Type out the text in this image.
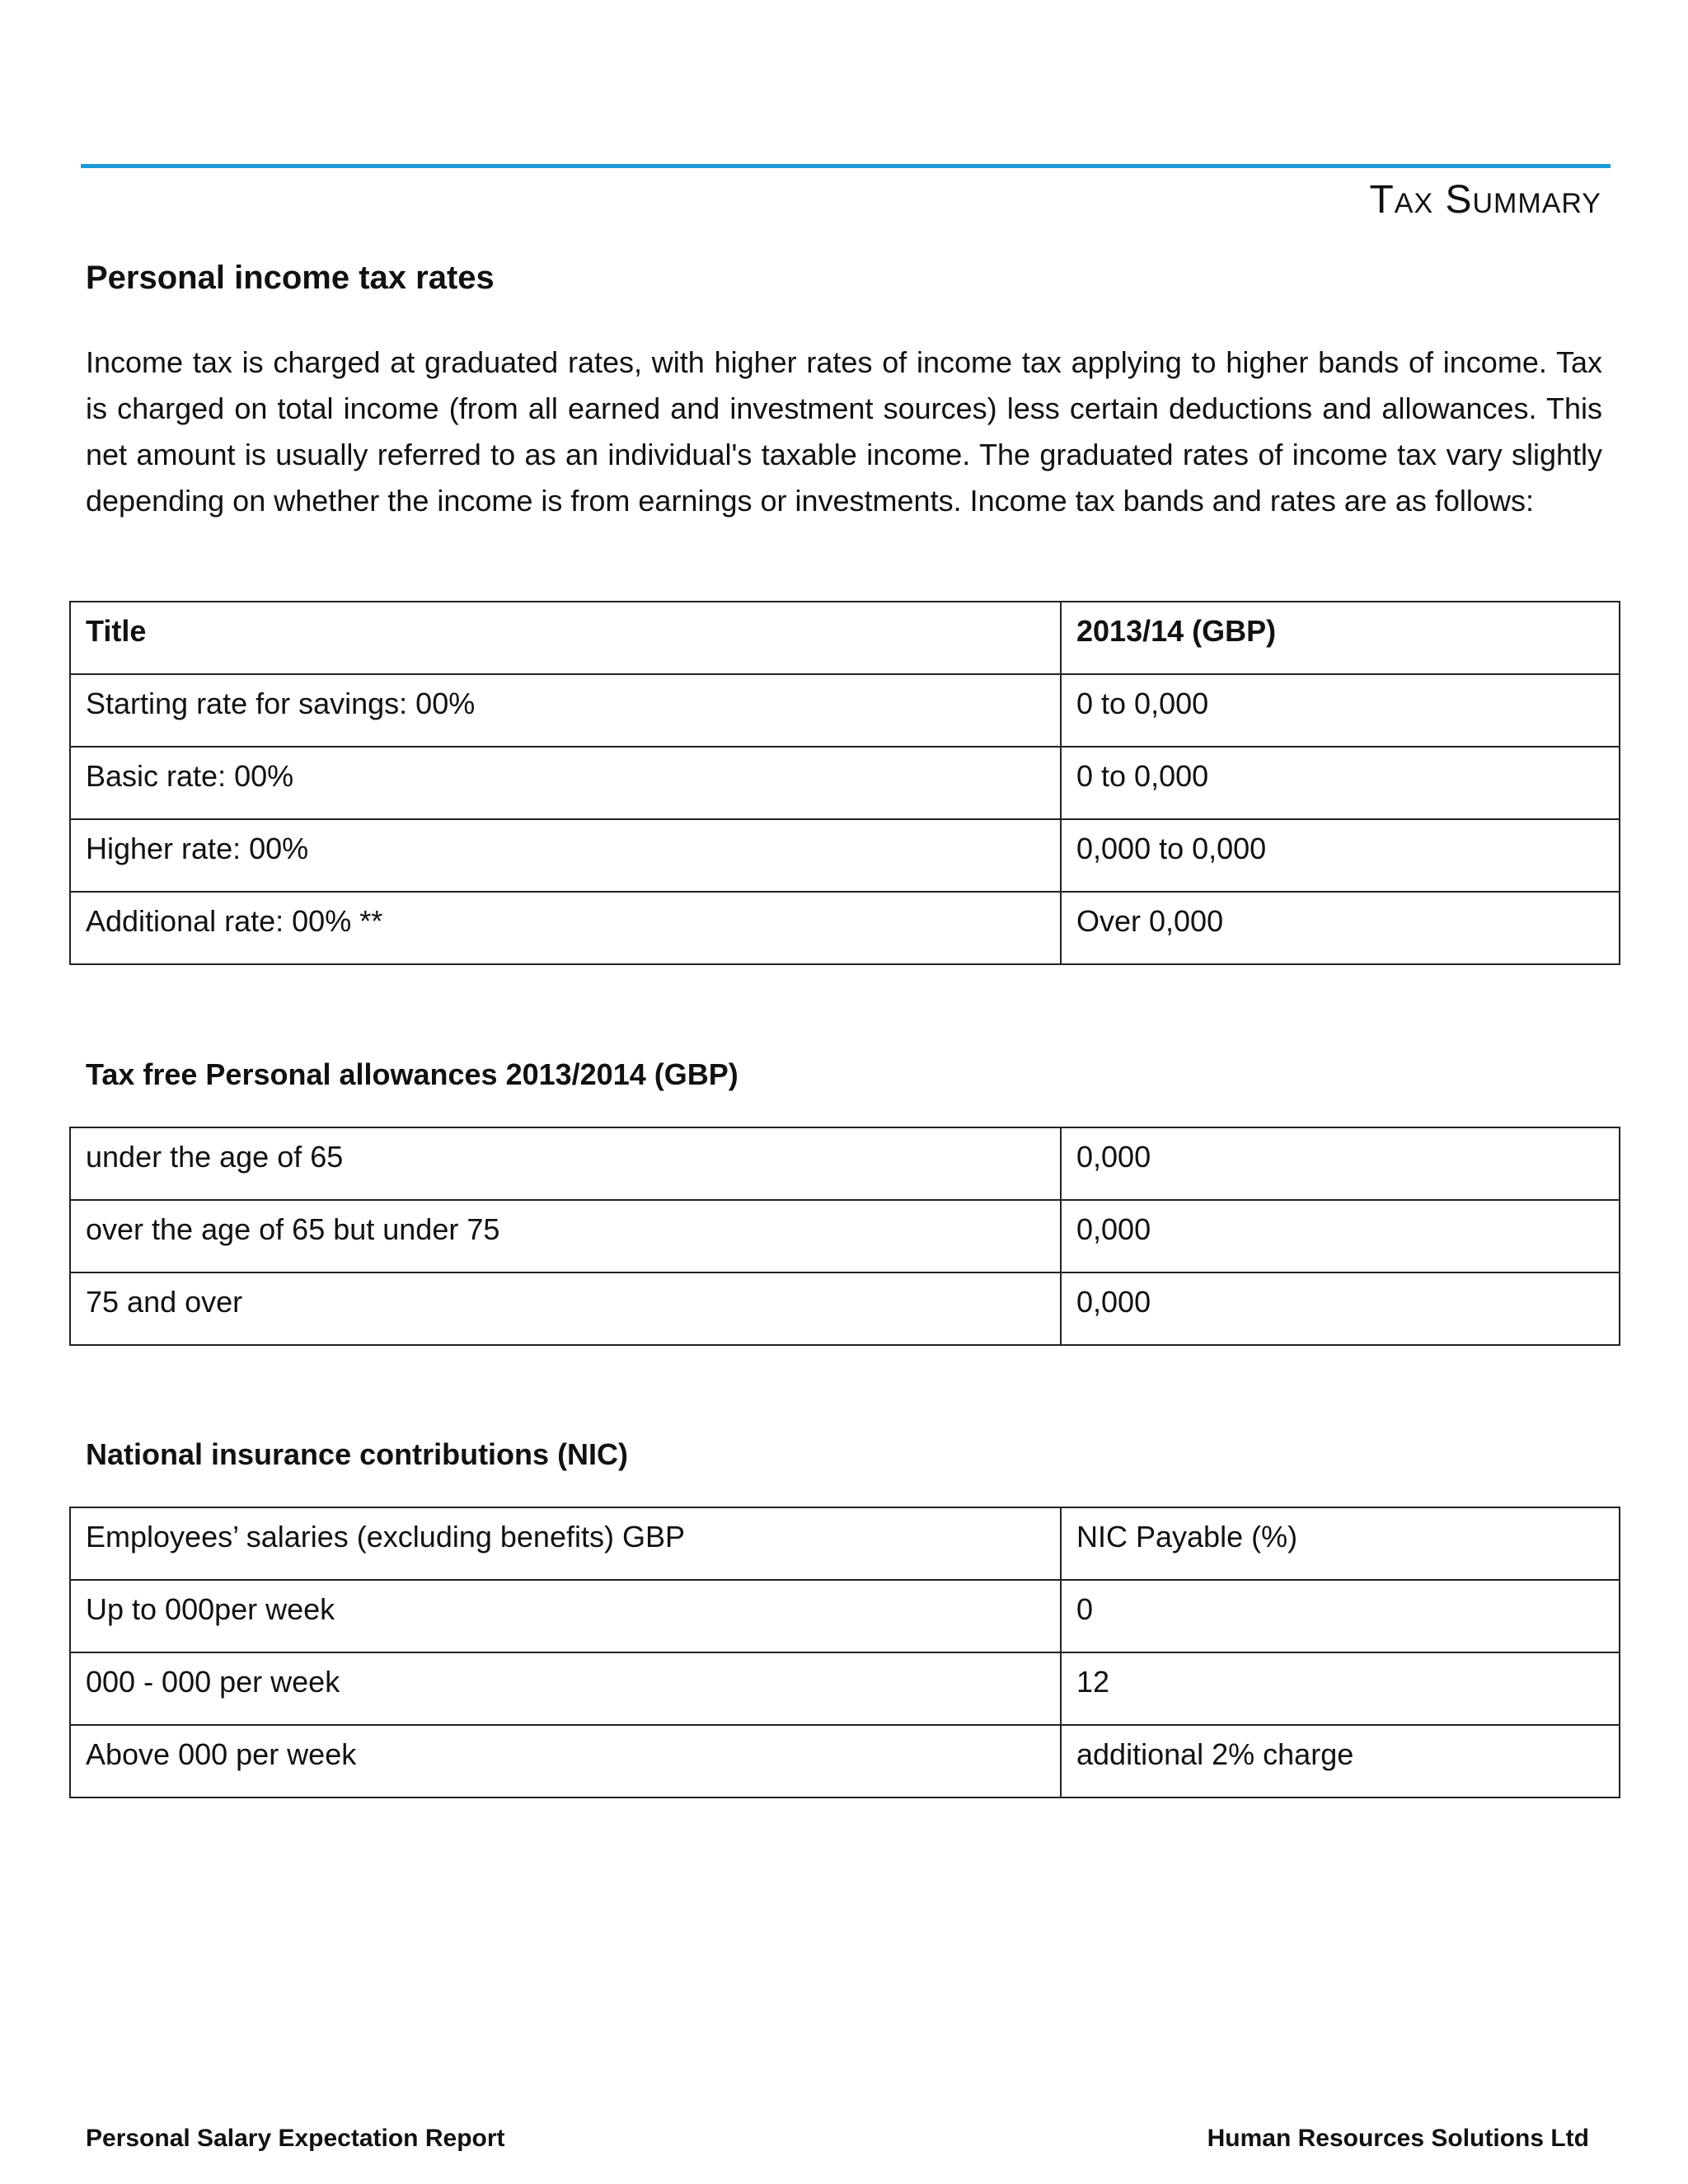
Tax Summary
Personal income tax rates
Income tax is charged at graduated rates, with higher rates of income tax applying to higher bands of income. Tax is charged on total income (from all earned and investment sources) less certain deductions and allowances. This net amount is usually referred to as an individual's taxable income. The graduated rates of income tax vary slightly depending on whether the income is from earnings or investments. Income tax bands and rates are as follows:
Title	2013/14 (GBP)
Starting rate for savings: 00%	0 to 0,000
Basic rate: 00%	0 to 0,000
Higher rate: 00%	0,000 to 0,000
Additional rate: 00% **	Over 0,000
Tax free Personal allowances 2013/2014 (GBP)
under the age of 65	0,000
over the age of 65 but under 75	0,000
75 and over	0,000
National insurance contributions (NIC)
Employees’ salaries (excluding benefits) GBP	NIC Payable (%)
Up to 000per week	0
000 - 000 per week	12
Above 000 per week	additional 2% charge
Personal Salary Expectation Report	Human Resources Solutions Ltd
